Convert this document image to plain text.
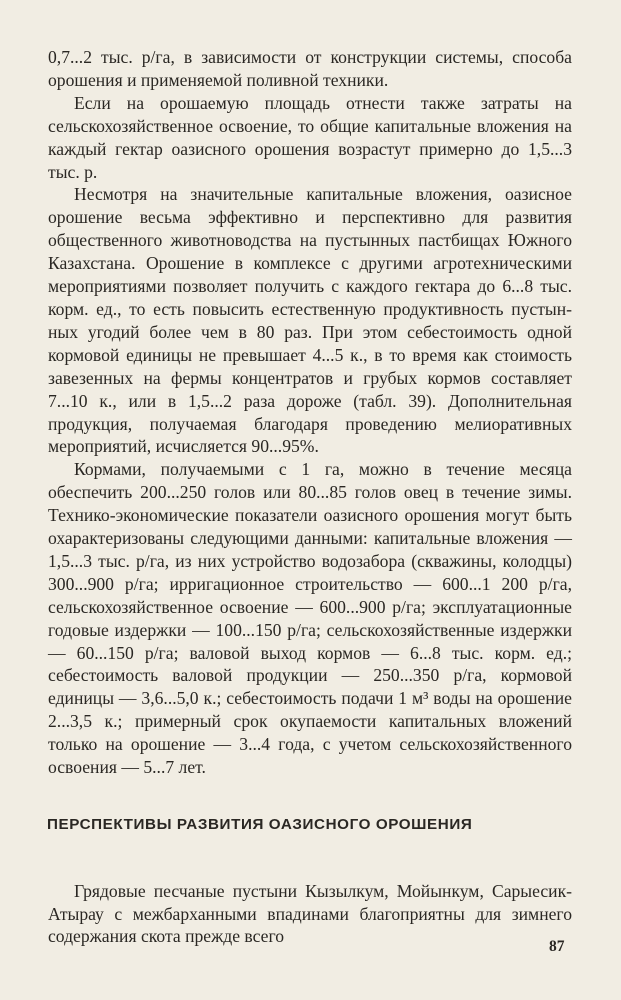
0,7...2 тыс. р/га, в зависимости от конструкции системы, способа орошения и применяемой поливной техники.

Если на орошаемую площадь отнести также затраты на сельскохозяйственное освоение, то общие капитальные вложения на каждый гектар оазисного орошения возрастут примерно до 1,5...3 тыс. р.

Несмотря на значительные капитальные вложения, оазисное орошение весьма эффективно и перспективно для развития общественного животноводства на пустынных пастбищах Южного Казахстана. Орошение в комплексе с другими агротехническими мероприятиями позволяет получить с каждого гектара до 6...8 тыс. корм. ед., то есть повысить естественную продуктивность пустынных угодий более чем в 80 раз. При этом себестоимость одной кормовой единицы не превышает 4...5 к., в то время как стоимость завезенных на фермы концентратов и грубых кормов составляет 7...10 к., или в 1,5...2 раза дороже (табл. 39). Дополнительная продукция, получаемая благодаря проведению мелиоративных мероприятий, исчисляется 90...95%.

Кормами, получаемыми с 1 га, можно в течение месяца обеспечить 200...250 голов или 80...85 голов овец в течение зимы. Технико-экономические показатели оазисного орошения могут быть охарактеризованы следующими данными: капитальные вложения — 1,5...3 тыс. р/га, из них устройство водозабора (скважины, колодцы) 300...900 р/га; ирригационное строительство — 600...1 200 р/га, сельскохозяйственное освоение — 600...900 р/га; эксплуатационные годовые издержки — 100...150 р/га; сельскохозяйственные издержки — 60...150 р/га; валовой выход кормов — 6...8 тыс. корм. ед.; себестоимость валовой продукции — 250...350 р/га, кормовой единицы — 3,6...5,0 к.; себестоимость подачи 1 м³ воды на орошение 2...3,5 к.; примерный срок окупаемости капитальных вложений только на орошение — 3...4 года, с учетом сельскохозяйственного освоения — 5...7 лет.

ПЕРСПЕКТИВЫ РАЗВИТИЯ ОАЗИСНОГО ОРОШЕНИЯ

Грядовые песчаные пустыни Кызылкум, Мойынкум, Сарыесик-Атырау с межбарханными впадинами благоприятны для зимнего содержания скота прежде всего

87
